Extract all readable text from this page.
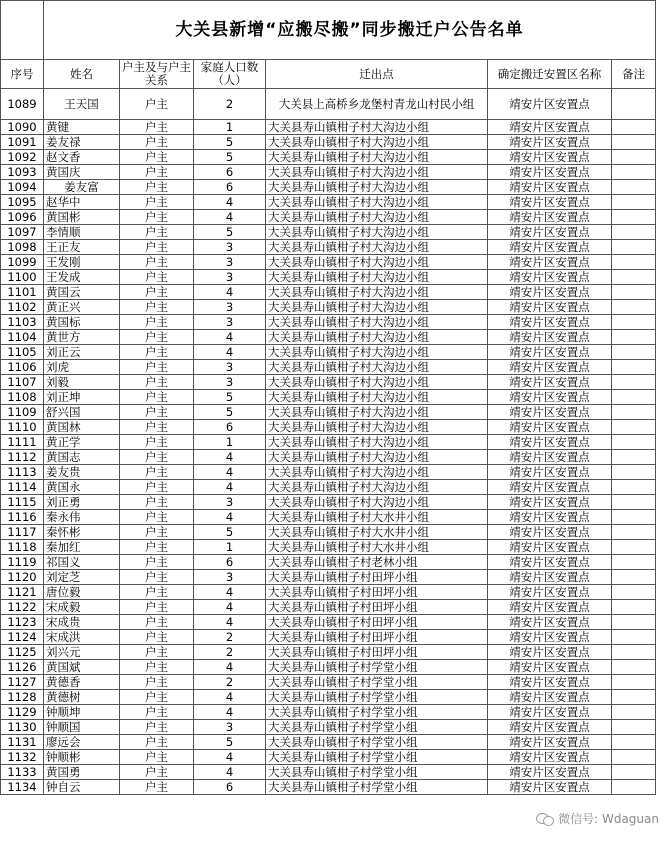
	大关县新增“应搬尽搬”同步搬迁户公告名单					
序号	姓名	户主及与户主关系	家庭人口数（人）	迁出点	确定搬迁安置区名称	备注
1089	王天国	户主	2	大关县上高桥乡龙堡村青龙山村民小组	靖安片区安置点	
1090	黄键	户主	1	大关县寿山镇柑子村大沟边小组	靖安片区安置点	
1091	姜友禄	户主	5	大关县寿山镇柑子村大沟边小组	靖安片区安置点	
1092	赵文香	户主	5	大关县寿山镇柑子村大沟边小组	靖安片区安置点	
1093	黄国庆	户主	6	大关县寿山镇柑子村大沟边小组	靖安片区安置点	
1094	姜友富	户主	6	大关县寿山镇柑子村大沟边小组	靖安片区安置点	
1095	赵华中	户主	4	大关县寿山镇柑子村大沟边小组	靖安片区安置点	
1096	黄国彬	户主	4	大关县寿山镇柑子村大沟边小组	靖安片区安置点	
1097	李情顺	户主	5	大关县寿山镇柑子村大沟边小组	靖安片区安置点	
1098	王正友	户主	3	大关县寿山镇柑子村大沟边小组	靖安片区安置点	
1099	王发刚	户主	3	大关县寿山镇柑子村大沟边小组	靖安片区安置点	
1100	王发成	户主	3	大关县寿山镇柑子村大沟边小组	靖安片区安置点	
1101	黄国云	户主	4	大关县寿山镇柑子村大沟边小组	靖安片区安置点	
1102	黄正兴	户主	3	大关县寿山镇柑子村大沟边小组	靖安片区安置点	
1103	黄国标	户主	3	大关县寿山镇柑子村大沟边小组	靖安片区安置点	
1104	黄世方	户主	4	大关县寿山镇柑子村大沟边小组	靖安片区安置点	
1105	刘正云	户主	4	大关县寿山镇柑子村大沟边小组	靖安片区安置点	
1106	刘虎	户主	3	大关县寿山镇柑子村大沟边小组	靖安片区安置点	
1107	刘毅	户主	3	大关县寿山镇柑子村大沟边小组	靖安片区安置点	
1108	刘正坤	户主	5	大关县寿山镇柑子村大沟边小组	靖安片区安置点	
1109	舒兴国	户主	5	大关县寿山镇柑子村大沟边小组	靖安片区安置点	
1110	黄国林	户主	6	大关县寿山镇柑子村大沟边小组	靖安片区安置点	
1111	黄正学	户主	1	大关县寿山镇柑子村大沟边小组	靖安片区安置点	
1112	黄国志	户主	4	大关县寿山镇柑子村大沟边小组	靖安片区安置点	
1113	姜友贵	户主	4	大关县寿山镇柑子村大沟边小组	靖安片区安置点	
1114	黄国永	户主	4	大关县寿山镇柑子村大沟边小组	靖安片区安置点	
1115	刘正勇	户主	3	大关县寿山镇柑子村大沟边小组	靖安片区安置点	
1116	秦永伟	户主	4	大关县寿山镇柑子村大水井小组	靖安片区安置点	
1117	秦怀彬	户主	5	大关县寿山镇柑子村大水井小组	靖安片区安置点	
1118	秦加红	户主	1	大关县寿山镇柑子村大水井小组	靖安片区安置点	
1119	祁国义	户主	6	大关县寿山镇柑子村老林小组	靖安片区安置点	
1120	刘定芝	户主	3	大关县寿山镇柑子村田坪小组	靖安片区安置点	
1121	唐位毅	户主	4	大关县寿山镇柑子村田坪小组	靖安片区安置点	
1122	宋成毅	户主	4	大关县寿山镇柑子村田坪小组	靖安片区安置点	
1123	宋成贵	户主	4	大关县寿山镇柑子村田坪小组	靖安片区安置点	
1124	宋成洪	户主	2	大关县寿山镇柑子村田坪小组	靖安片区安置点	
1125	刘兴元	户主	2	大关县寿山镇柑子村田坪小组	靖安片区安置点	
1126	黄国斌	户主	4	大关县寿山镇柑子村学堂小组	靖安片区安置点	
1127	黄德香	户主	2	大关县寿山镇柑子村学堂小组	靖安片区安置点	
1128	黄德树	户主	4	大关县寿山镇柑子村学堂小组	靖安片区安置点	
1129	钟顺坤	户主	4	大关县寿山镇柑子村学堂小组	靖安片区安置点	
1130	钟顺国	户主	3	大关县寿山镇柑子村学堂小组	靖安片区安置点	
1131	廖远会	户主	5	大关县寿山镇柑子村学堂小组	靖安片区安置点	
1132	钟顺彬	户主	4	大关县寿山镇柑子村学堂小组	靖安片区安置点	
1133	黄国勇	户主	4	大关县寿山镇柑子村学堂小组	靖安片区安置点	
1134	钟自云	户主	6	大关县寿山镇柑子村学堂小组	靖安片区安置点	
微信号: Wdaguan
